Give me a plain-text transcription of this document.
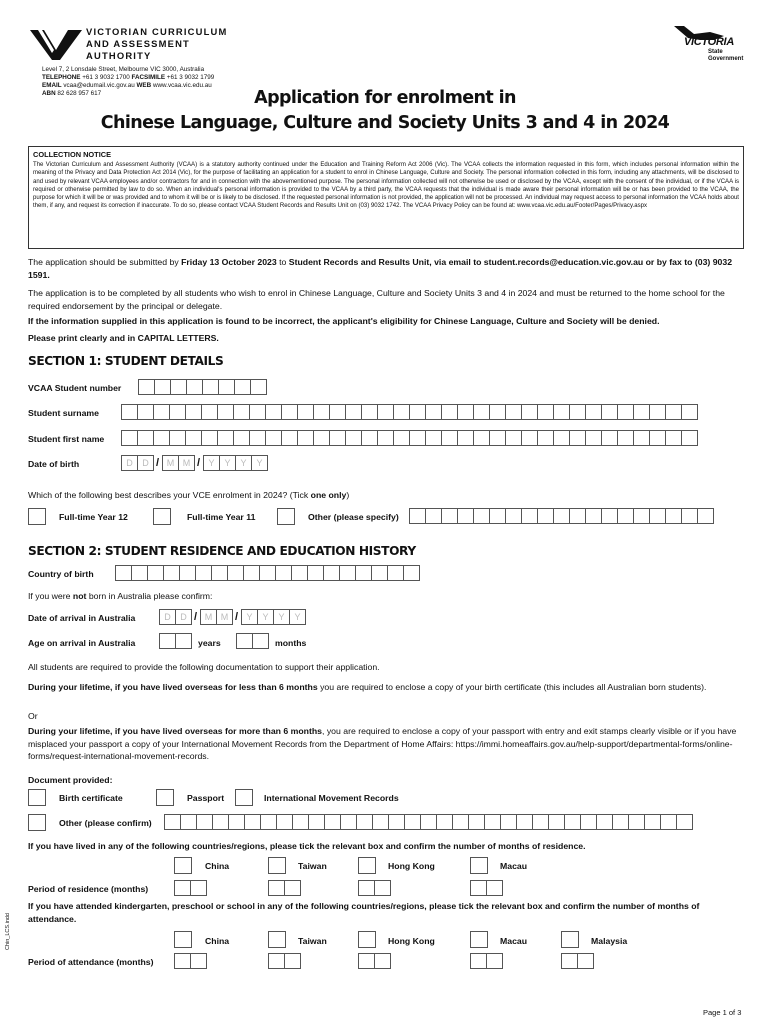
VICTORIAN CURRICULUM
AND ASSESSMENT AUTHORITY
Level 7, 2 Lonsdale Street, Melbourne VIC 3000, Australia
TELEPHONE +61 3 9032 1700 FACSIMILE +61 3 9032 1799
EMAIL vcaa@edumail.vic.gov.au WEB www.vcaa.vic.edu.au
ABN 82 628 957 617
VICTORIA
State
Government
Application for enrolment in
Chinese Language, Culture and Society Units 3 and 4 in 2024
COLLECTION NOTICE
The Victorian Curriculum and Assessment Authority (VCAA) is a statutory authority continued under the Education and Training Reform Act 2006 (Vic). The VCAA collects the information requested in this form, which includes personal information within the meaning of the Privacy and Data Protection Act 2014 (Vic), for the purpose of facilitating an application for a student to enrol in Chinese Language, Culture and Society. The personal information collected in this form, including any attachments, will be disclosed to and used by relevant VCAA employees and/or contractors for and in connection with the abovementioned purpose. The personal information collected will not otherwise be used or disclosed by the VCAA, except with the consent of the individual, or if the VCAA is required or otherwise permitted by law to do so. When an individual's personal information is provided to the VCAA by a third party, the VCAA requests that the individual is made aware their personal information will be or has been provided to the VCAA, the purpose for which it will be or was provided and to whom it will be or is likely to be disclosed. If the requested personal information is not provided, the application will not be processed. An individual may request access to personal information the VCAA holds about them, if any, and request its correction if inaccurate. To do so, please contact VCAA Student Records and Results Unit on (03) 9032 1742. The VCAA Privacy Policy can be found at: www.vcaa.vic.edu.au/Footer/Pages/Privacy.aspx
The application should be submitted by Friday 13 October 2023 to Student Records and Results Unit, via email to student.records@education.vic.gov.au or by fax to (03) 9032 1591.
The application is to be completed by all students who wish to enrol in Chinese Language, Culture and Society Units 3 and 4 in 2024 and must be returned to the home school for the required endorsement by the principal or delegate.
If the information supplied in this application is found to be incorrect, the applicant's eligibility for Chinese Language, Culture and Society will be denied.
Please print clearly and in CAPITAL LETTERS.
SECTION 1: STUDENT DETAILS
VCAA Student number
Student surname
Student first name
Date of birth D D	/ M M	/
Y
Y
Y
Y
Which of the following best describes your VCE enrolment in 2024? (Tick one only)
Full-time Year 12	Full-time Year 11	Other (please specify)
SECTION 2: STUDENT RESIDENCE AND EDUCATION HISTORY
Country of birth
If you were not born in Australia please confirm:
Date of arrival in Australia D D	/ M M	/
Y
Y
Y
Y
Age on arrival in Australia	years	months
All students are required to provide the following documentation to support their application.
During your lifetime, if you have lived overseas for less than 6 months you are required to enclose a copy of your birth certificate (this includes all Australian born students).
Or
During your lifetime, if you have lived overseas for more than 6 months, you are required to enclose a copy of your passport with entry and exit stamps clearly visible or if you have misplaced your passport a copy of your International Movement Records from the Department of Home Affairs: https://immi.homeaffairs.gov.au/help-support/departmental-forms/online-forms/request-international-movement-records.
Document provided:
Birth certificate	Passport	International Movement Records
Other (please confirm)
If you have lived in any of the following countries/regions, please tick the relevant box and confirm the number of months of residence.
China	Taiwan	Hong Kong	Macau
Period of residence (months)
If you have attended kindergarten, preschool or school in any of the following countries/regions, please tick the relevant box and confirm the number of months of attendance.
China	Taiwan	Hong Kong	Macau	Malaysia
Period of attendance (months)
Chin_LCS.indd
Page 1 of 3
